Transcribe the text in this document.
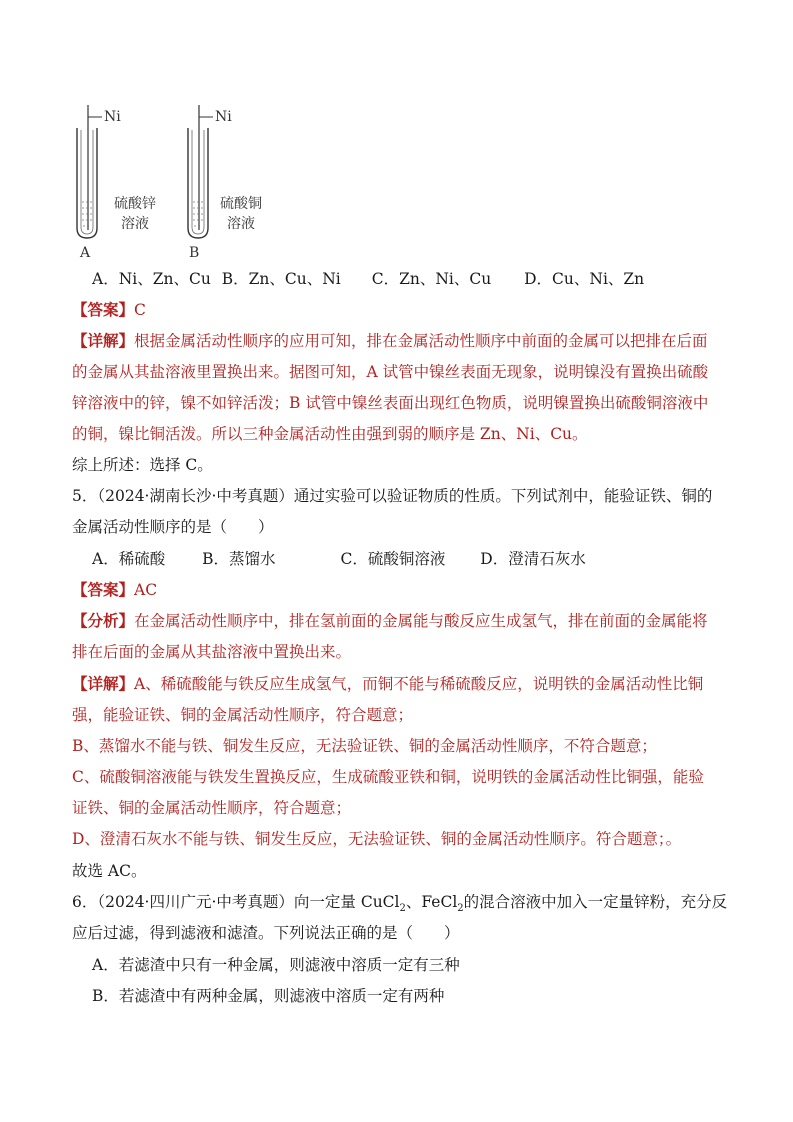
Ni
硫酸锌
溶液
A
Ni
硫酸铜
溶液
B
A．Ni、Zn、Cu B．Zn、Cu、Ni C．Zn、Ni、Cu D．Cu、Ni、Zn
【答案】C
【详解】根据金属活动性顺序的应用可知，排在金属活动性顺序中前面的金属可以把排在后面
的金属从其盐溶液里置换出来。据图可知，A 试管中镍丝表面无现象，说明镍没有置换出硫酸
锌溶液中的锌，镍不如锌活泼；B 试管中镍丝表面出现红色物质，说明镍置换出硫酸铜溶液中
的铜，镍比铜活泼。所以三种金属活动性由强到弱的顺序是 Zn、Ni、Cu。
综上所述：选择 C。
5．（2024·湖南长沙·中考真题）通过实验可以验证物质的性质。下列试剂中，能验证铁、铜的
金属活动性顺序的是（　　）
A．稀硫酸 B．蒸馏水	C．硫酸铜溶液 D．澄清石灰水
【答案】AC
【分析】在金属活动性顺序中，排在氢前面的金属能与酸反应生成氢气，排在前面的金属能将
排在后面的金属从其盐溶液中置换出来。
【详解】A、稀硫酸能与铁反应生成氢气，而铜不能与稀硫酸反应，说明铁的金属活动性比铜
强，能验证铁、铜的金属活动性顺序，符合题意；
B、蒸馏水不能与铁、铜发生反应，无法验证铁、铜的金属活动性顺序，不符合题意；
C、硫酸铜溶液能与铁发生置换反应，生成硫酸亚铁和铜，说明铁的金属活动性比铜强，能验
证铁、铜的金属活动性顺序，符合题意；
D、澄清石灰水不能与铁、铜发生反应，无法验证铁、铜的金属活动性顺序。符合题意；。
故选 AC。
6．（2024·四川广元·中考真题）向一定量 CuCl$_2$、FeCl$_2$的混合溶液中加入一定量锌粉，充分反
应后过滤，得到滤液和滤渣。下列说法正确的是（　　）
A．若滤渣中只有一种金属，则滤液中溶质一定有三种
B．若滤渣中有两种金属，则滤液中溶质一定有两种
